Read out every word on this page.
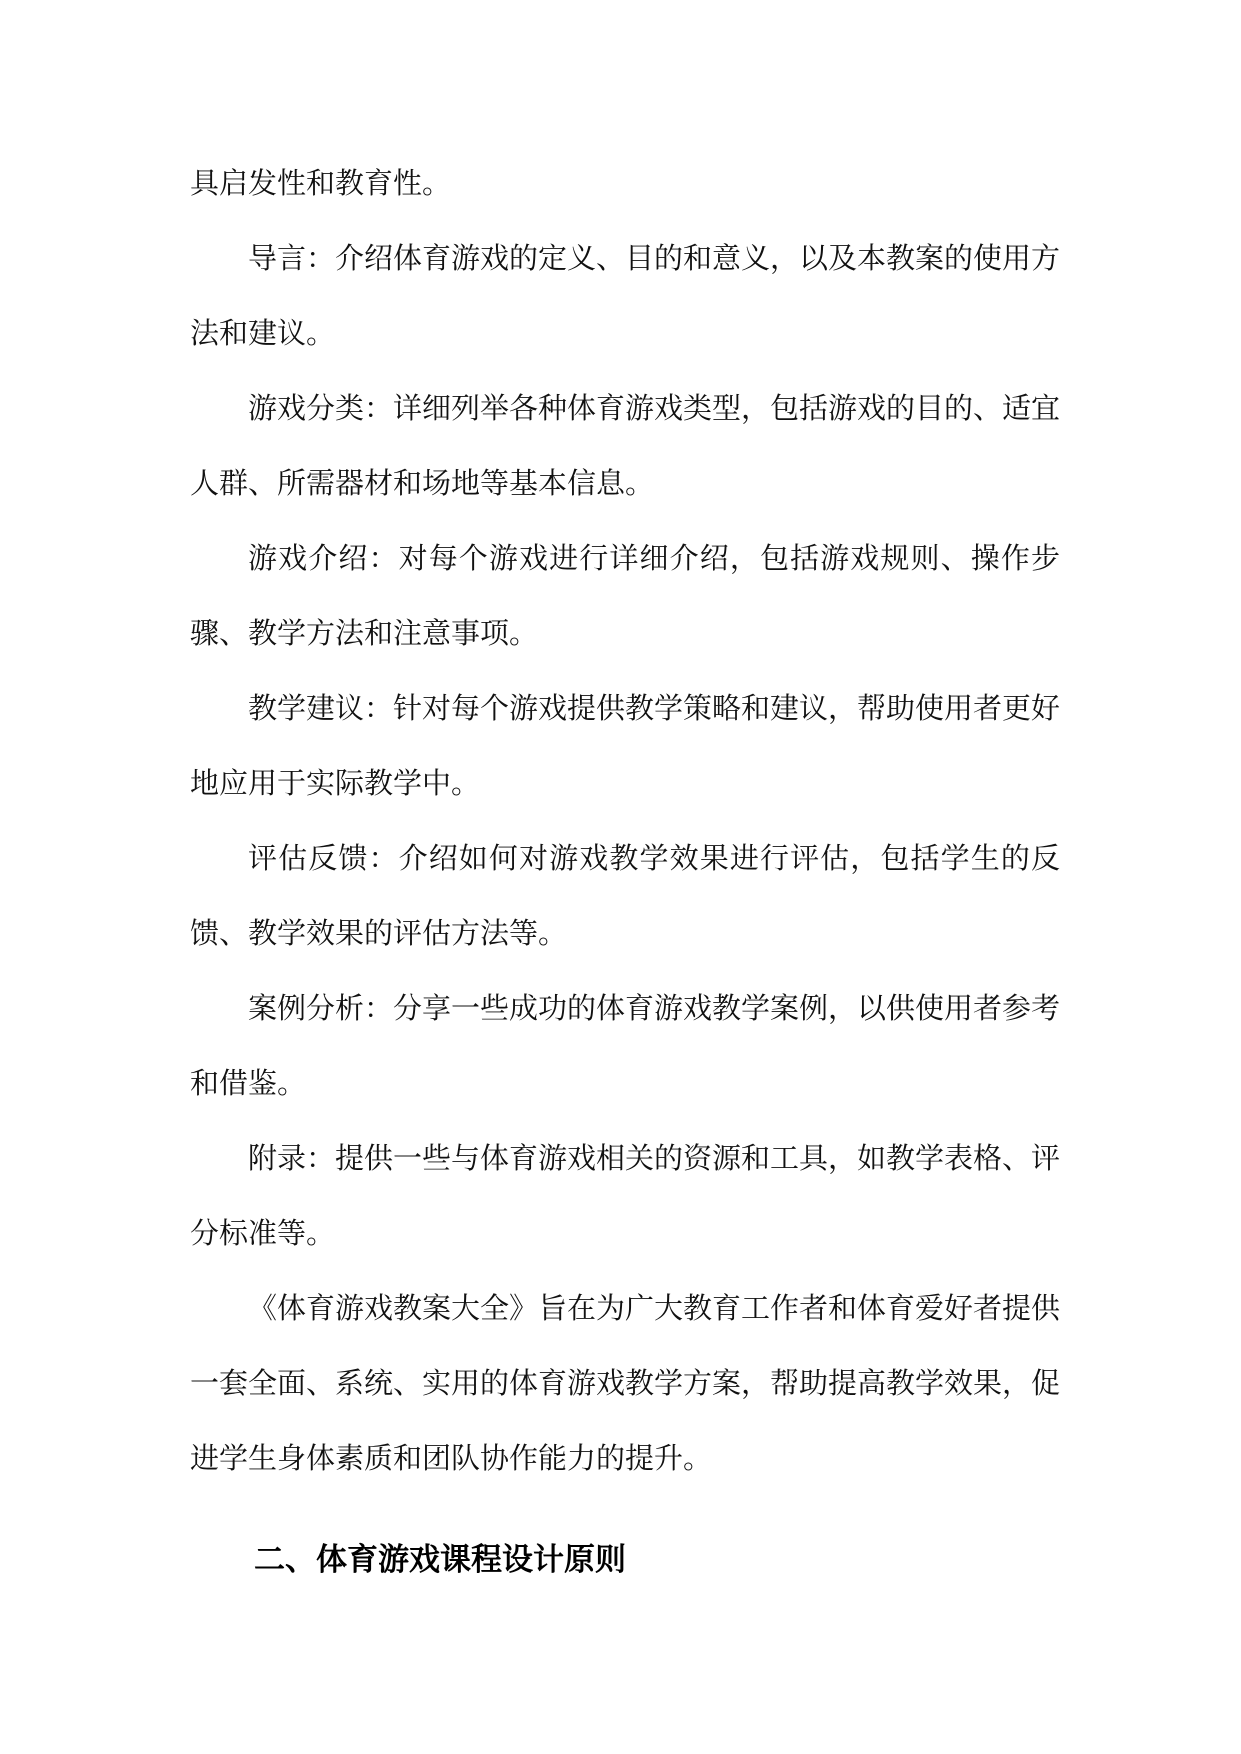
具启发性和教育性。

导言：介绍体育游戏的定义、目的和意义，以及本教案的使用方法和建议。

游戏分类：详细列举各种体育游戏类型，包括游戏的目的、适宜人群、所需器材和场地等基本信息。

游戏介绍：对每个游戏进行详细介绍，包括游戏规则、操作步骤、教学方法和注意事项。

教学建议：针对每个游戏提供教学策略和建议，帮助使用者更好地应用于实际教学中。

评估反馈：介绍如何对游戏教学效果进行评估，包括学生的反馈、教学效果的评估方法等。

案例分析：分享一些成功的体育游戏教学案例，以供使用者参考和借鉴。

附录：提供一些与体育游戏相关的资源和工具，如教学表格、评分标准等。

《体育游戏教案大全》旨在为广大教育工作者和体育爱好者提供一套全面、系统、实用的体育游戏教学方案，帮助提高教学效果，促进学生身体素质和团队协作能力的提升。

二、体育游戏课程设计原则
